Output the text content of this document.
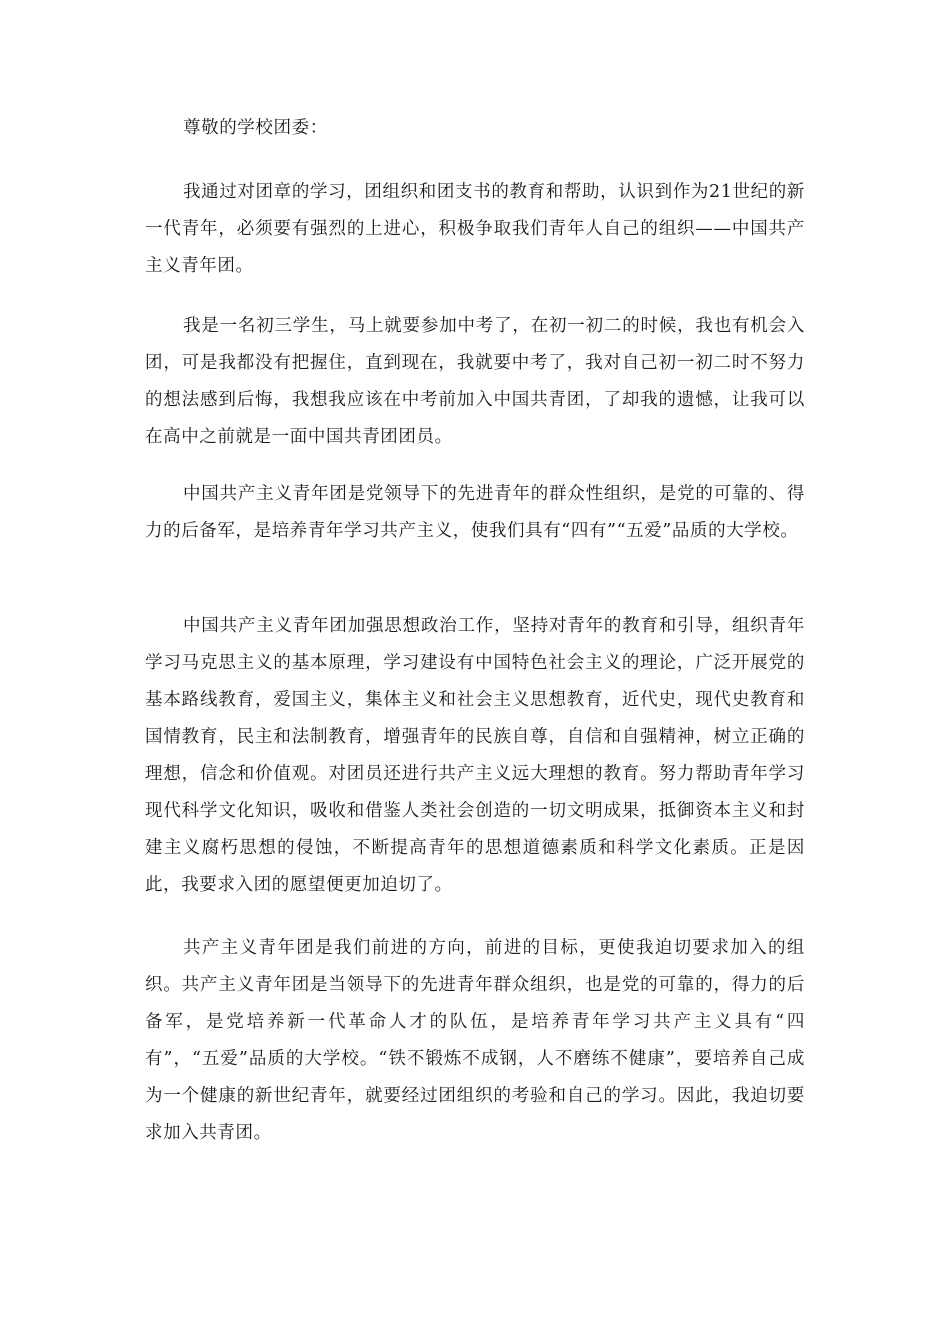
尊敬的学校团委：
我通过对团章的学习，团组织和团支书的教育和帮助，认识到作为21世纪的新一代青年，必须要有强烈的上进心，积极争取我们青年人自己的组织——中国共产主义青年团。
我是一名初三学生，马上就要参加中考了，在初一初二的时候，我也有机会入团，可是我都没有把握住，直到现在，我就要中考了，我对自己初一初二时不努力的想法感到后悔，我想我应该在中考前加入中国共青团，了却我的遗憾，让我可以在高中之前就是一面中国共青团团员。
中国共产主义青年团是党领导下的先进青年的群众性组织，是党的可靠的、得力的后备军，是培养青年学习共产主义，使我们具有“四有”“五爱”品质的大学校。
中国共产主义青年团加强思想政治工作，坚持对青年的教育和引导，组织青年学习马克思主义的基本原理，学习建设有中国特色社会主义的理论，广泛开展党的基本路线教育，爱国主义，集体主义和社会主义思想教育，近代史，现代史教育和国情教育，民主和法制教育，增强青年的民族自尊，自信和自强精神，树立正确的理想，信念和价值观。对团员还进行共产主义远大理想的教育。努力帮助青年学习现代科学文化知识，吸收和借鉴人类社会创造的一切文明成果，抵御资本主义和封建主义腐朽思想的侵蚀，不断提高青年的思想道德素质和科学文化素质。正是因此，我要求入团的愿望便更加迫切了。
共产主义青年团是我们前进的方向，前进的目标，更使我迫切要求加入的组织。共产主义青年团是当领导下的先进青年群众组织，也是党的可靠的，得力的后备军，是党培养新一代革命人才的队伍，是培养青年学习共产主义具有“四有”，“五爱”品质的大学校。“铁不锻炼不成钢，人不磨练不健康”，要培养自己成为一个健康的新世纪青年，就要经过团组织的考验和自己的学习。因此，我迫切要求加入共青团。
